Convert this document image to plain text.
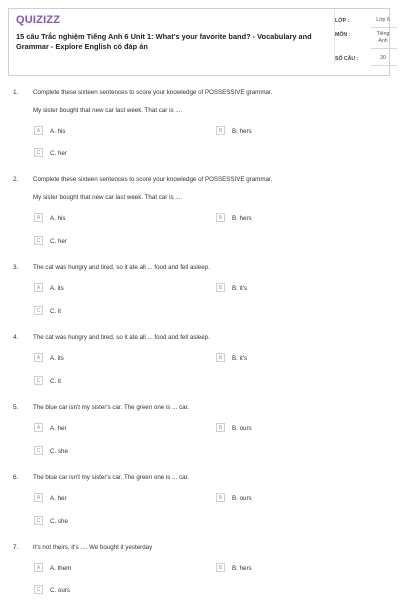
QUIZIZZ
15 câu Trắc nghiệm Tiếng Anh 6 Unit 1: What's your favorite band? - Vocabulary and Grammar - Explore English có đáp án
LỚP :	Lớp 6
MÔN :	Tiếng Anh
SỐ CÂU :	30
1. Complete these sixteen sentences to score your knowledge of POSSESSIVE grammar.
My sister bought that new car last week. That car is ....
A	A. his	B	B. hers
C	C. her
2. Complete these sixteen sentences to score your knowledge of POSSESSIVE grammar.
My sister bought that new car last week. That car is ....
A	A. his	B	B. hers
C	C. her
3. The cat was hungry and tired, so it ate all ... food and fell asleep.
A	A. its	B	B. it's
C	C. it
4. The cat was hungry and tired, so it ate all ... food and fell asleep.
A	A. its	B	B. it's
C	C. it
5. The blue car isn't my sister's car. The green one is ... car.
A	A. her	B	B. ours
C	C. she
6. The blue car isn't my sister's car. The green one is ... car.
A	A. her	B	B. ours
C	C. she
7. It's not theirs, it's .... We bought it yesterday
A	A. them	B	B. hers
C	C. ours
